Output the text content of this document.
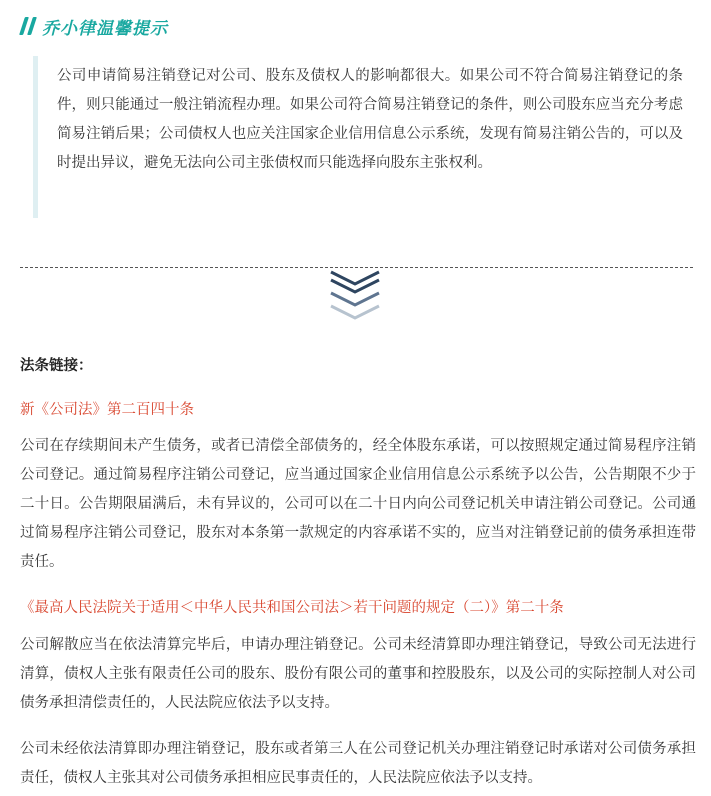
乔小律温馨提示
公司申请简易注销登记对公司、股东及债权人的影响都很大。如果公司不符合简易注销登记的条件，则只能通过一般注销流程办理。如果公司符合简易注销登记的条件，则公司股东应当充分考虑简易注销后果；公司债权人也应关注国家企业信用信息公示系统，发现有简易注销公告的，可以及时提出异议，避免无法向公司主张债权而只能选择向股东主张权利。
法条链接：
新《公司法》第二百四十条
公司在存续期间未产生债务，或者已清偿全部债务的，经全体股东承诺，可以按照规定通过简易程序注销公司登记。通过简易程序注销公司登记，应当通过国家企业信用信息公示系统予以公告，公告期限不少于二十日。公告期限届满后，未有异议的，公司可以在二十日内向公司登记机关申请注销公司登记。公司通过简易程序注销公司登记，股东对本条第一款规定的内容承诺不实的，应当对注销登记前的债务承担连带责任。
《最高人民法院关于适用＜中华人民共和国公司法＞若干问题的规定（二）》第二十条
公司解散应当在依法清算完毕后，申请办理注销登记。公司未经清算即办理注销登记，导致公司无法进行清算，债权人主张有限责任公司的股东、股份有限公司的董事和控股股东，以及公司的实际控制人对公司债务承担清偿责任的，人民法院应依法予以支持。
公司未经依法清算即办理注销登记，股东或者第三人在公司登记机关办理注销登记时承诺对公司债务承担责任，债权人主张其对公司债务承担相应民事责任的，人民法院应依法予以支持。
